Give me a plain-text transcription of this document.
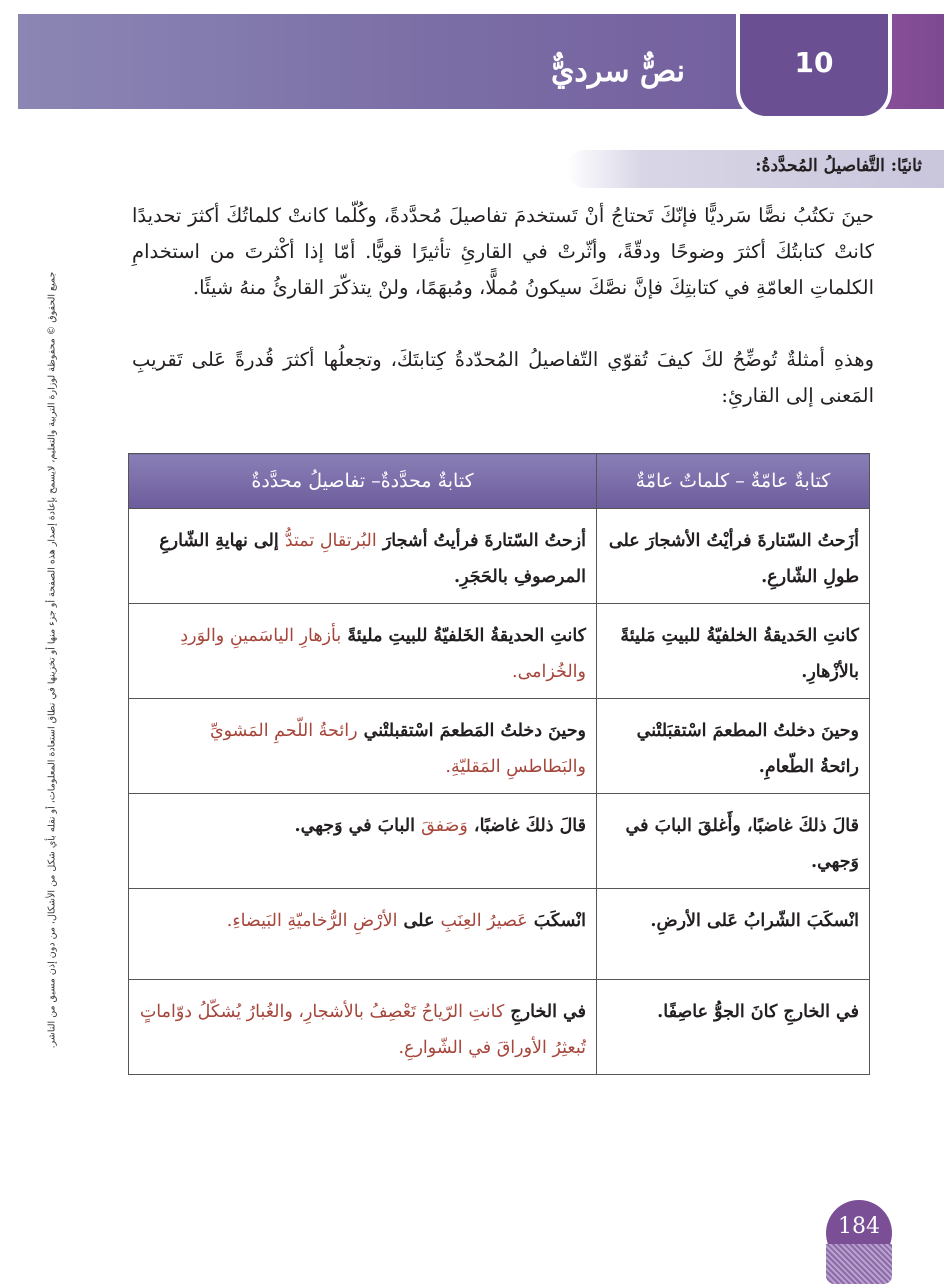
نصٌّ سرديٌّ	10
ثانيًا: التَّفاصيلُ المُحدَّدةُ:
حينَ تكتُبُ نصًّا سَرديًّا فإنّكَ تَحتاجُ أنْ تَستخدمَ تفاصيلَ مُحدَّدةً، وكُلّما كانتْ كلماتُكَ أكثرَ تحديدًا كانتْ كتابتُكَ أكثرَ وضوحًا ودقّةً، وأثّرتْ في القارئِ تأثيرًا قويًّا. أمّا إذا أكْثرتَ من استخدامِ الكلماتِ العامّةِ في كتابتِكَ فإنَّ نصَّكَ سيكونُ مُملًّا، ومُبهَمًا، ولنْ يتذكّرَ القارئُ منهُ شيئًا.
وهذهِ أمثلةٌ تُوضِّحُ لكَ كيفَ تُقوّي التّفاصيلُ المُحدّدةُ كِتابتَكَ، وتجعلُها أكثرَ قُدرةً عَلى تَقريبِ المَعنى إلى القارئِ:
جميع الحقوق © محفوظة لوزارة التربية والتعليم، لايسمح بإعادة إصدار هذه الصفحة أو جزء منها أو تخزينها في نطاق استعادة المعلومات، أو نقله بأي شكل من الأشكال، من دون إذن مسبق من الناشر.	كتابةٌ عامّةٌ – كلماتٌ عامّةٌ	كتابةٌ محدَّدةٌ– تفاصيلُ محدَّدةٌ
أزَحتُ السّتارةَ فرأيْتُ الأشجارَ على طولِ الشّارعِ.	أزحتُ السّتارةَ فرأيتُ أشجارَ البُرتقالِ تمتدُّ إلى نهايةِ الشّارعِ المرصوفِ بالحَجَرِ.
كانتِ الحَديقةُ الخلفيّةُ للبيتِ مَليئةً بالأزْهارِ.	كانتِ الحديقةُ الخَلفيّةُ للبيتِ مليئةً بأزهارِ الياسَمينِ والوَردِ والخُزامى.
وحينَ دخلتُ المطعمَ اسْتقبَلتْني رائحةُ الطّعامِ.	وحينَ دخلتُ المَطعمَ اسْتقبلتْني رائحةُ اللّحمِ المَشويِّ والبَطاطسِ المَقليّةِ.
قالَ ذلكَ غاضبًا، وأَغلقَ البابَ في وَجهي.	قالَ ذلكَ غاضبًا، وَصَفقَ البابَ في وَجهي.
انْسكَبَ الشّرابُ عَلى الأرضِ.	انْسكَبَ عَصيرُ العِنَبِ على الأرْضِ الرُّخاميّةِ البَيضاءِ.
في الخارجِ كانَ الجوُّ عاصِفًا.	في الخارجِ كانتِ الرّياحُ تَعْصِفُ بالأشجارِ، والغُبارُ يُشكّلُ دوّاماتٍ تُبعثِرُ الأوراقَ في الشّوارعِ.
184
